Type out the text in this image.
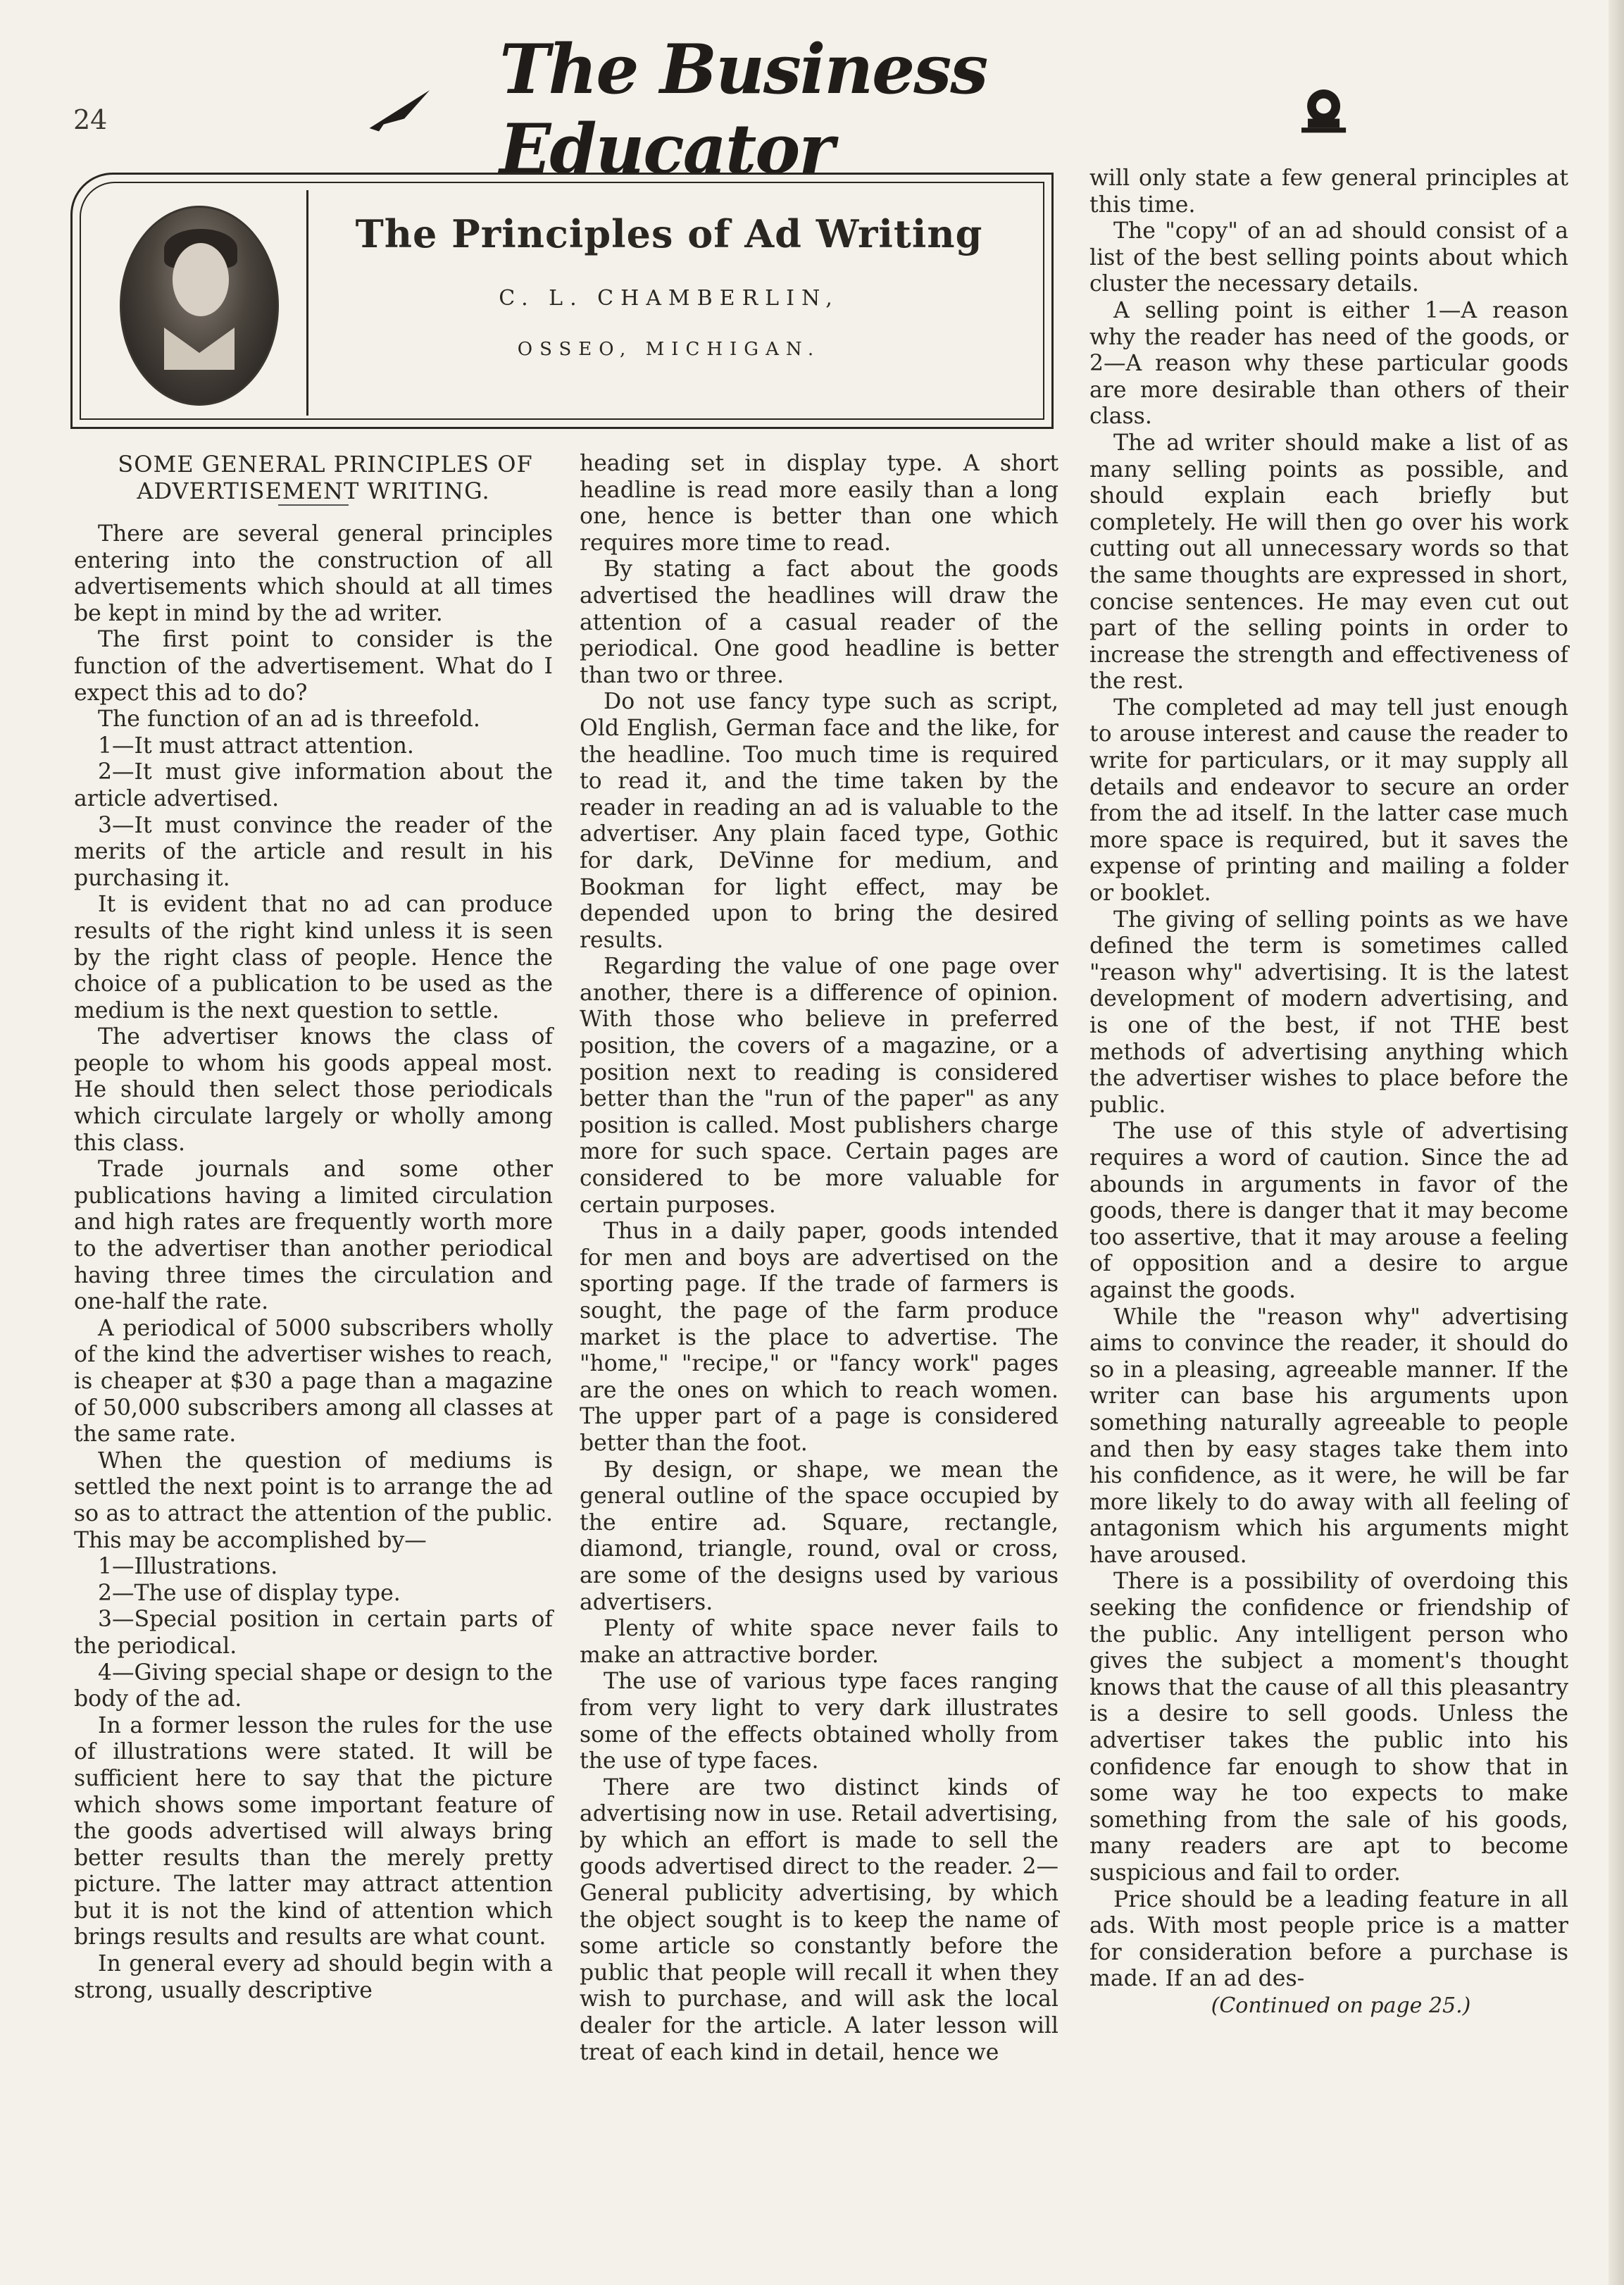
24
The Business Educator
The Principles of Ad Writing
C. L. CHAMBERLIN,
OSSEO, MICHIGAN.

SOME GENERAL PRINCIPLES OF ADVERTISEMENT WRITING.

There are several general principles entering into the construction of all advertisements which should at all times be kept in mind by the ad writer.

The first point to consider is the function of the advertisement. What do I expect this ad to do?

The function of an ad is threefold.

1—It must attract attention.

2—It must give information about the article advertised.

3—It must convince the reader of the merits of the article and result in his purchasing it.

It is evident that no ad can produce results of the right kind unless it is seen by the right class of people. Hence the choice of a publication to be used as the medium is the next question to settle.

The advertiser knows the class of people to whom his goods appeal most. He should then select those periodicals which circulate largely or wholly among this class.

Trade journals and some other publications having a limited circulation and high rates are frequently worth more to the advertiser than another periodical having three times the circulation and one-half the rate.

A periodical of 5000 subscribers wholly of the kind the advertiser wishes to reach, is cheaper at $30 a page than a magazine of 50,000 subscribers among all classes at the same rate.

When the question of mediums is settled the next point is to arrange the ad so as to attract the attention of the public. This may be accomplished by—

1—Illustrations.

2—The use of display type.

3—Special position in certain parts of the periodical.

4—Giving special shape or design to the body of the ad.

In a former lesson the rules for the use of illustrations were stated. It will be sufficient here to say that the picture which shows some important feature of the goods advertised will always bring better results than the merely pretty picture. The latter may attract attention but it is not the kind of attention which brings results and results are what count.

In general every ad should begin with a strong, usually descriptive

heading set in display type. A short headline is read more easily than a long one, hence is better than one which requires more time to read.

By stating a fact about the goods advertised the headlines will draw the attention of a casual reader of the periodical. One good headline is better than two or three.

Do not use fancy type such as script, Old English, German face and the like, for the headline. Too much time is required to read it, and the time taken by the reader in reading an ad is valuable to the advertiser. Any plain faced type, Gothic for dark, DeVinne for medium, and Bookman for light effect, may be depended upon to bring the desired results.

Regarding the value of one page over another, there is a difference of opinion. With those who believe in preferred position, the covers of a magazine, or a position next to reading is considered better than the "run of the paper" as any position is called. Most publishers charge more for such space. Certain pages are considered to be more valuable for certain purposes.

Thus in a daily paper, goods intended for men and boys are advertised on the sporting page. If the trade of farmers is sought, the page of the farm produce market is the place to advertise. The "home," "recipe," or "fancy work" pages are the ones on which to reach women. The upper part of a page is considered better than the foot.

By design, or shape, we mean the general outline of the space occupied by the entire ad. Square, rectangle, diamond, triangle, round, oval or cross, are some of the designs used by various advertisers.

Plenty of white space never fails to make an attractive border.

The use of various type faces ranging from very light to very dark illustrates some of the effects obtained wholly from the use of type faces.

There are two distinct kinds of advertising now in use. Retail advertising, by which an effort is made to sell the goods advertised direct to the reader. 2—General publicity advertising, by which the object sought is to keep the name of some article so constantly before the public that people will recall it when they wish to purchase, and will ask the local dealer for the article. A later lesson will treat of each kind in detail, hence we

will only state a few general principles at this time.

The "copy" of an ad should consist of a list of the best selling points about which cluster the necessary details.

A selling point is either 1—A reason why the reader has need of the goods, or 2—A reason why these particular goods are more desirable than others of their class.

The ad writer should make a list of as many selling points as possible, and should explain each briefly but completely. He will then go over his work cutting out all unnecessary words so that the same thoughts are expressed in short, concise sentences. He may even cut out part of the selling points in order to increase the strength and effectiveness of the rest.

The completed ad may tell just enough to arouse interest and cause the reader to write for particulars, or it may supply all details and endeavor to secure an order from the ad itself. In the latter case much more space is required, but it saves the expense of printing and mailing a folder or booklet.

The giving of selling points as we have defined the term is sometimes called "reason why" advertising. It is the latest development of modern advertising, and is one of the best, if not THE best methods of advertising anything which the advertiser wishes to place before the public.

The use of this style of advertising requires a word of caution. Since the ad abounds in arguments in favor of the goods, there is danger that it may become too assertive, that it may arouse a feeling of opposition and a desire to argue against the goods.

While the "reason why" advertising aims to convince the reader, it should do so in a pleasing, agreeable manner. If the writer can base his arguments upon something naturally agreeable to people and then by easy stages take them into his confidence, as it were, he will be far more likely to do away with all feeling of antagonism which his arguments might have aroused.

There is a possibility of overdoing this seeking the confidence or friendship of the public. Any intelligent person who gives the subject a moment's thought knows that the cause of all this pleasantry is a desire to sell goods. Unless the advertiser takes the public into his confidence far enough to show that in some way he too expects to make something from the sale of his goods, many readers are apt to become suspicious and fail to order.

Price should be a leading feature in all ads. With most people price is a matter for consideration before a purchase is made. If an ad des-

(Continued on page 25.)
